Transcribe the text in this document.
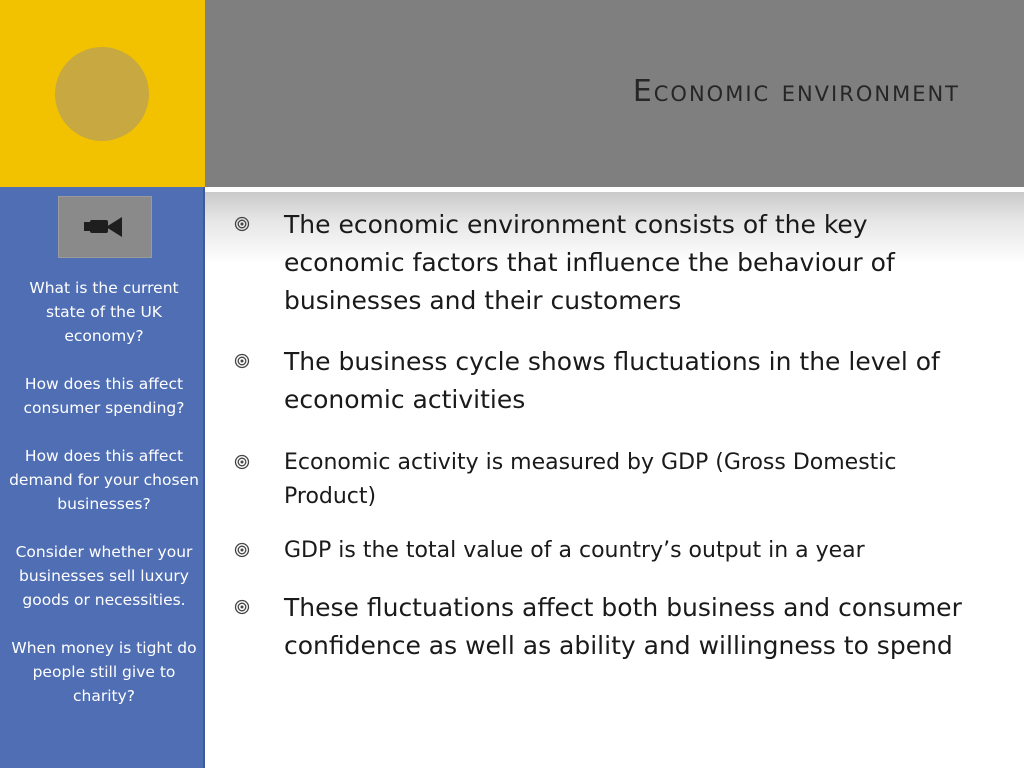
Economic environment

What is the current state of the UK economy?

How does this affect consumer spending?

How does this affect demand for your chosen businesses?

Consider whether your businesses sell luxury goods or necessities.

When money is tight do people still give to charity?

The economic environment consists of the key economic factors that influence the behaviour of businesses and their customers
The business cycle shows fluctuations in the level of economic activities
Economic activity is measured by GDP (Gross Domestic Product)
GDP is the total value of a country’s output in a year
These fluctuations affect both business and consumer confidence as well as ability and willingness to spend
